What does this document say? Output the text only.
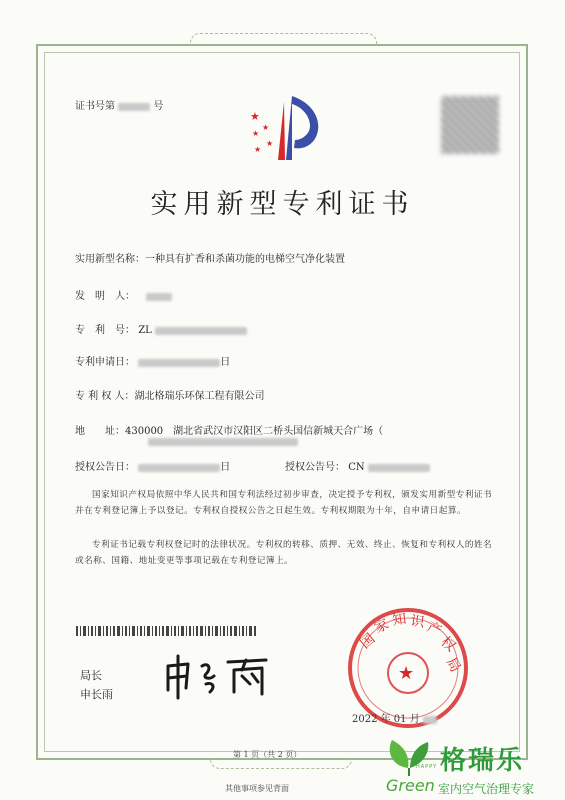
证书号第	号
★
★
★
★
★
实用新型专利证书
实用新型名称：一种具有扩香和杀菌功能的电梯空气净化装置
发　明　人：
专　利　号： ZL
专利申请日：	日
专 利 权 人：湖北格瑞乐环保工程有限公司
地　　址：430000　湖北省武汉市汉阳区二桥头国信新城天合广场（
授权公告日：	日	授权公告号： CN
国家知识产权局依照中华人民共和国专利法经过初步审查，决定授予专利权，颁发实用新型专利证书并在专利登记簿上予以登记。专利权自授权公告之日起生效。专利权期限为十年，自申请日起算。
专利证书记载专利权登记时的法律状况。专利权的转移、质押、无效、终止、恢复和专利权人的姓名或名称、国籍、地址变更等事项记载在专利登记簿上。
局长
申长雨
国
家 知 识
产
权
局
★
2022 年 01 月
第 1 页（共 2 页）
其他事项参见背面	Green
HAPPY 格瑞乐
室内空气治理专家
